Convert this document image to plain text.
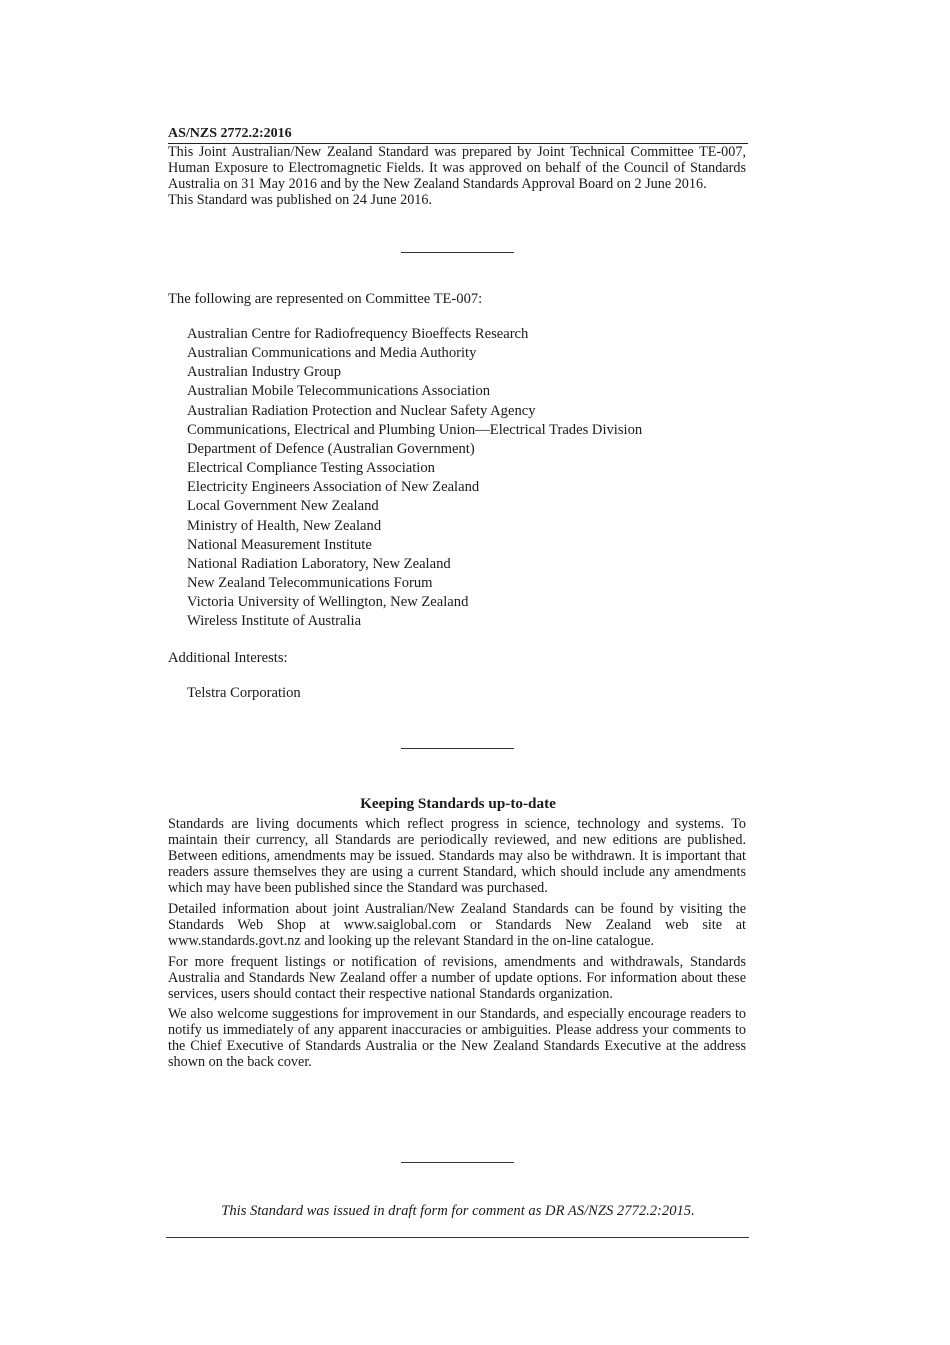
AS/NZS 2772.2:2016

This Joint Australian/New Zealand Standard was prepared by Joint Technical Committee TE-007, Human Exposure to Electromagnetic Fields. It was approved on behalf of the Council of Standards Australia on 31 May 2016 and by the New Zealand Standards Approval Board on 2 June 2016.

This Standard was published on 24 June 2016.

The following are represented on Committee TE-007:

Australian Centre for Radiofrequency Bioeffects Research
Australian Communications and Media Authority
Australian Industry Group
Australian Mobile Telecommunications Association
Australian Radiation Protection and Nuclear Safety Agency
Communications, Electrical and Plumbing Union—Electrical Trades Division
Department of Defence (Australian Government)
Electrical Compliance Testing Association
Electricity Engineers Association of New Zealand
Local Government New Zealand
Ministry of Health, New Zealand
National Measurement Institute
National Radiation Laboratory, New Zealand
New Zealand Telecommunications Forum
Victoria University of Wellington, New Zealand
Wireless Institute of Australia

Additional Interests:

Telstra Corporation
Keeping Standards up-to-date

Standards are living documents which reflect progress in science, technology and systems. To maintain their currency, all Standards are periodically reviewed, and new editions are published. Between editions, amendments may be issued. Standards may also be withdrawn. It is important that readers assure themselves they are using a current Standard, which should include any amendments which may have been published since the Standard was purchased.

Detailed information about joint Australian/New Zealand Standards can be found by visiting the Standards Web Shop at www.saiglobal.com or Standards New Zealand web site at www.standards.govt.nz and looking up the relevant Standard in the on-line catalogue.

For more frequent listings or notification of revisions, amendments and withdrawals, Standards Australia and Standards New Zealand offer a number of update options. For information about these services, users should contact their respective national Standards organization.

We also welcome suggestions for improvement in our Standards, and especially encourage readers to notify us immediately of any apparent inaccuracies or ambiguities. Please address your comments to the Chief Executive of Standards Australia or the New Zealand Standards Executive at the address shown on the back cover.

This Standard was issued in draft form for comment as DR AS/NZS 2772.2:2015.
